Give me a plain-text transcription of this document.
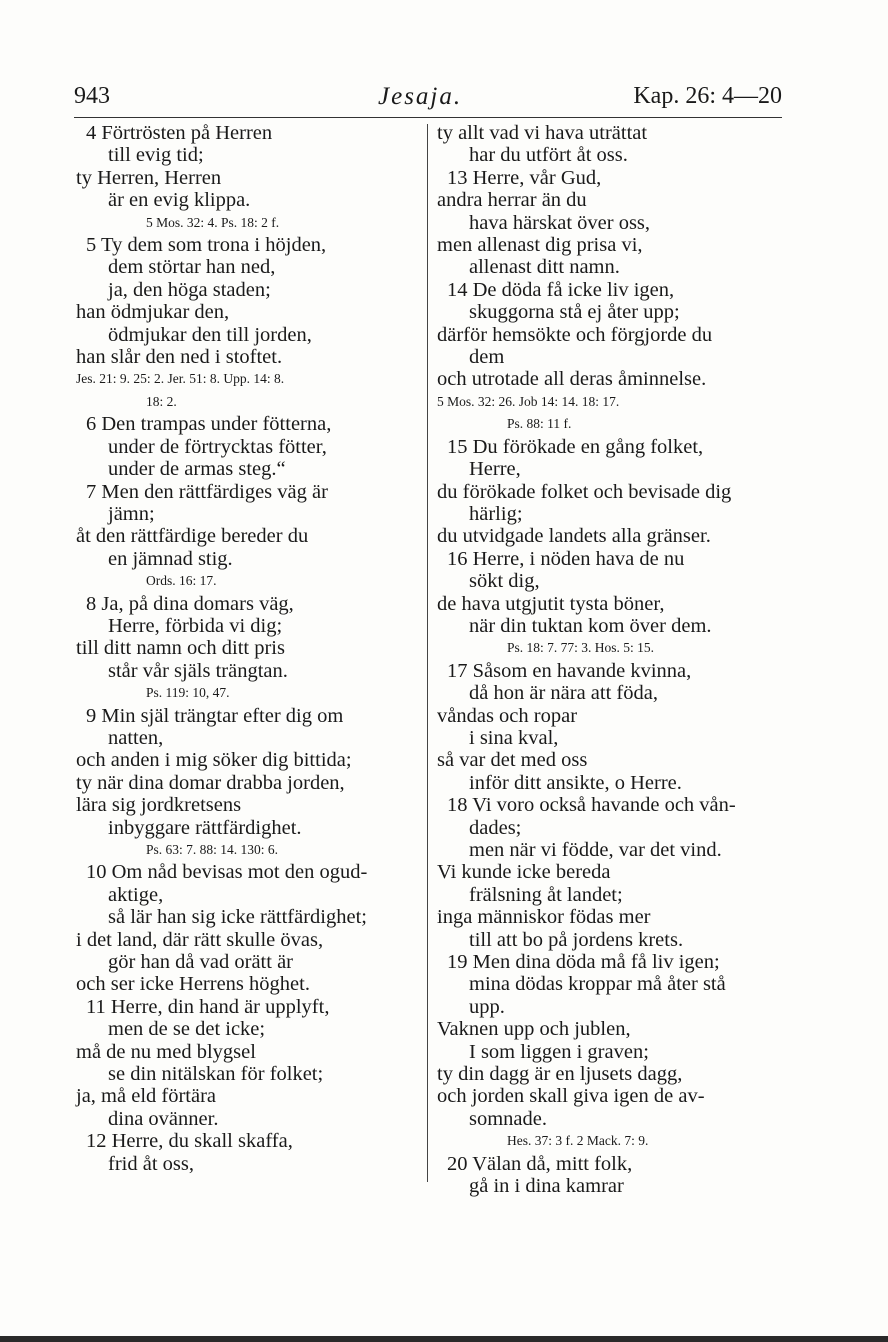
943	Jesaja.	Kap. 26: 4—20
4 Förtrösten på Herren
till evig tid;
ty Herren, Herren
är en evig klippa.
5 Mos. 32: 4. Ps. 18: 2 f.
5 Ty dem som trona i höjden,
dem störtar han ned,
ja, den höga staden;
han ödmjukar den,
ödmjukar den till jorden,
han slår den ned i stoftet.
Jes. 21: 9. 25: 2. Jer. 51: 8. Upp. 14: 8.
18: 2.
6 Den trampas under fötterna,
under de förtrycktas fötter,
under de armas steg.“
7 Men den rättfärdiges väg är
jämn;
åt den rättfärdige bereder du
en jämnad stig.
Ords. 16: 17.
8 Ja, på dina domars väg,
Herre, förbida vi dig;
till ditt namn och ditt pris
står vår själs trängtan.
Ps. 119: 10, 47.
9 Min själ trängtar efter dig om
natten,
och anden i mig söker dig bittida;
ty när dina domar drabba jorden,
lära sig jordkretsens
inbyggare rättfärdighet.
Ps. 63: 7. 88: 14. 130: 6.
10 Om nåd bevisas mot den ogud-
aktige,
så lär han sig icke rättfärdighet;
i det land, där rätt skulle övas,
gör han då vad orätt är
och ser icke Herrens höghet.
11 Herre, din hand är upplyft,
men de se det icke;
må de nu med blygsel
se din nitälskan för folket;
ja, må eld förtära
dina ovänner.
12 Herre, du skall skaffa,
frid åt oss,
ty allt vad vi hava uträttat
har du utfört åt oss.
13 Herre, vår Gud,
andra herrar än du
hava härskat över oss,
men allenast dig prisa vi,
allenast ditt namn.
14 De döda få icke liv igen,
skuggorna stå ej åter upp;
därför hemsökte och förgjorde du
dem
och utrotade all deras åminnelse.
5 Mos. 32: 26. Job 14: 14. 18: 17.
Ps. 88: 11 f.
15 Du förökade en gång folket,
Herre,
du förökade folket och bevisade dig
härlig;
du utvidgade landets alla gränser.
16 Herre, i nöden hava de nu
sökt dig,
de hava utgjutit tysta böner,
när din tuktan kom över dem.
Ps. 18: 7. 77: 3. Hos. 5: 15.
17 Såsom en havande kvinna,
då hon är nära att föda,
våndas och ropar
i sina kval,
så var det med oss
inför ditt ansikte, o Herre.
18 Vi voro också havande och vån-
dades;
men när vi födde, var det vind.
Vi kunde icke bereda
frälsning åt landet;
inga människor födas mer
till att bo på jordens krets.
19 Men dina döda må få liv igen;
mina dödas kroppar må åter stå
upp.
Vaknen upp och jublen,
I som liggen i graven;
ty din dagg är en ljusets dagg,
och jorden skall giva igen de av-
somnade.
Hes. 37: 3 f. 2 Mack. 7: 9.
20 Välan då, mitt folk,
gå in i dina kamrar
